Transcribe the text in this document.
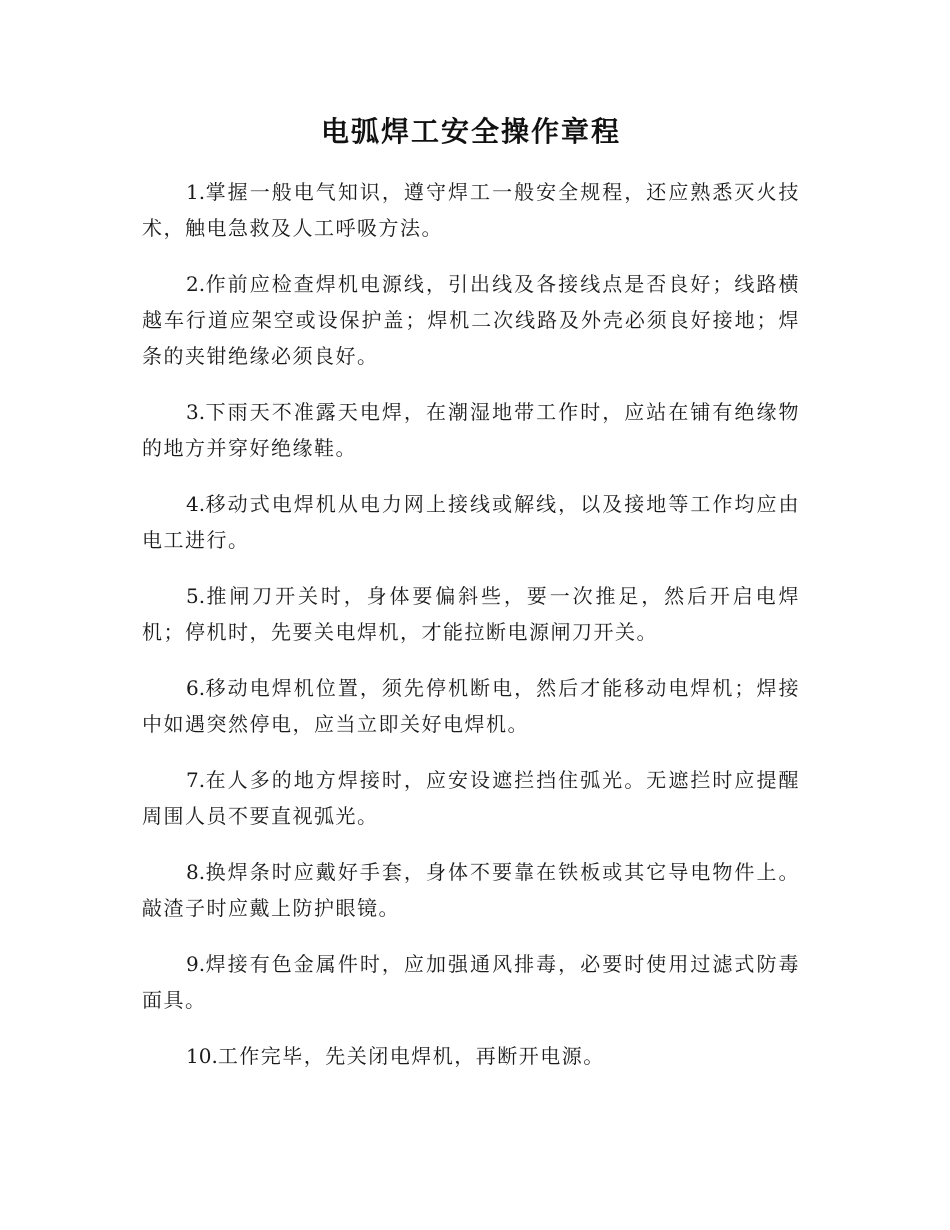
电弧焊工安全操作章程
1.掌握一般电气知识，遵守焊工一般安全规程，还应熟悉灭火技术，触电急救及人工呼吸方法。
2.作前应检查焊机电源线，引出线及各接线点是否良好；线路横越车行道应架空或设保护盖；焊机二次线路及外壳必须良好接地；焊条的夹钳绝缘必须良好。
3.下雨天不准露天电焊，在潮湿地带工作时，应站在铺有绝缘物的地方并穿好绝缘鞋。
4.移动式电焊机从电力网上接线或解线，以及接地等工作均应由电工进行。
5.推闸刀开关时，身体要偏斜些，要一次推足，然后开启电焊机；停机时，先要关电焊机，才能拉断电源闸刀开关。
6.移动电焊机位置，须先停机断电，然后才能移动电焊机；焊接中如遇突然停电，应当立即关好电焊机。
7.在人多的地方焊接时，应安设遮拦挡住弧光。无遮拦时应提醒周围人员不要直视弧光。
8.换焊条时应戴好手套，身体不要靠在铁板或其它导电物件上。敲渣子时应戴上防护眼镜。
9.焊接有色金属件时，应加强通风排毒，必要时使用过滤式防毒面具。
10.工作完毕，先关闭电焊机，再断开电源。
